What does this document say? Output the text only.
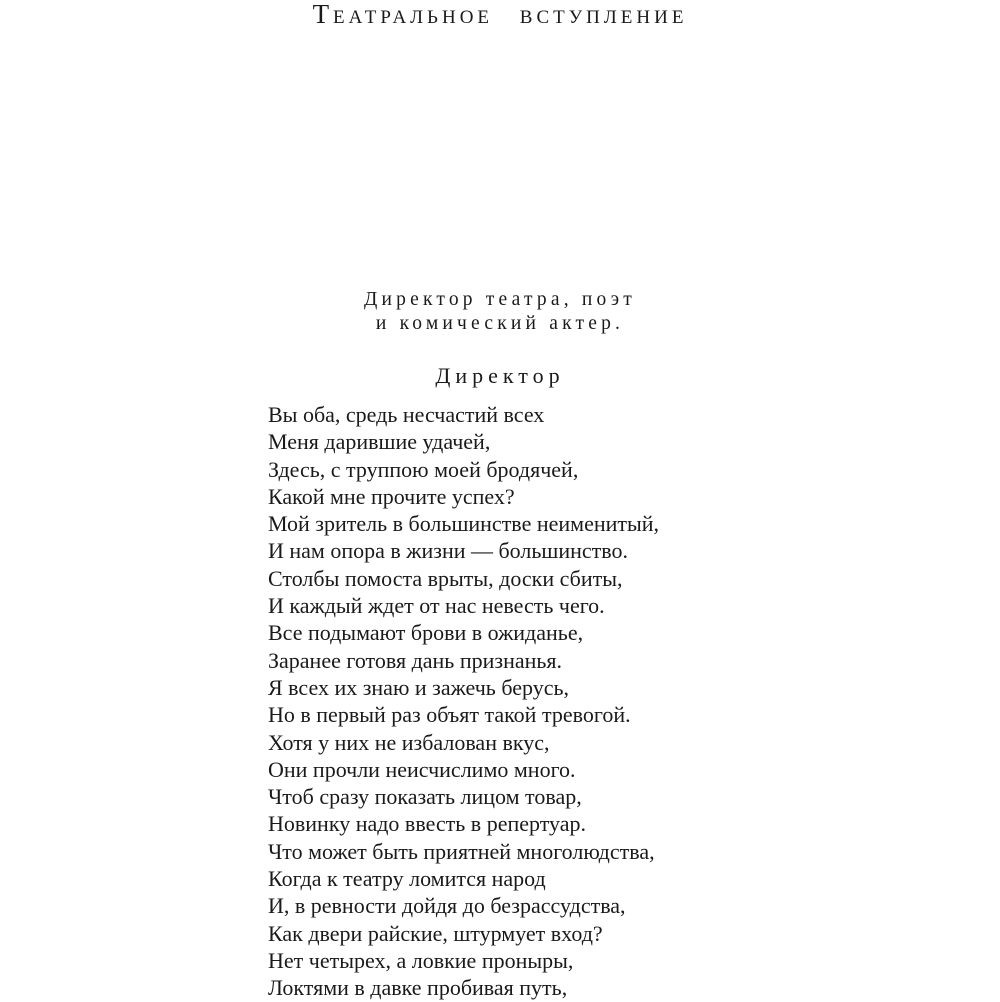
Театральное вступление
Директор театра, поэт
и комический актер.
Директор
Вы оба, средь несчастий всех
Меня дарившие удачей,
Здесь, с труппою моей бродячей,
Какой мне прочите успех?
Мой зритель в большинстве неименитый,
И нам опора в жизни — большинство.
Столбы помоста врыты, доски сбиты,
И каждый ждет от нас невесть чего.
Все подымают брови в ожиданье,
Заранее готовя дань признанья.
Я всех их знаю и зажечь берусь,
Но в первый раз объят такой тревогой.
Хотя у них не избалован вкус,
Они прочли неисчислимо много.
Чтоб сразу показать лицом товар,
Новинку надо ввесть в репертуар.
Что может быть приятней многолюдства,
Когда к театру ломится народ
И, в ревности дойдя до безрассудства,
Как двери райские, штурмует вход?
Нет четырех, а ловкие проныры,
Локтями в давке пробивая путь,
